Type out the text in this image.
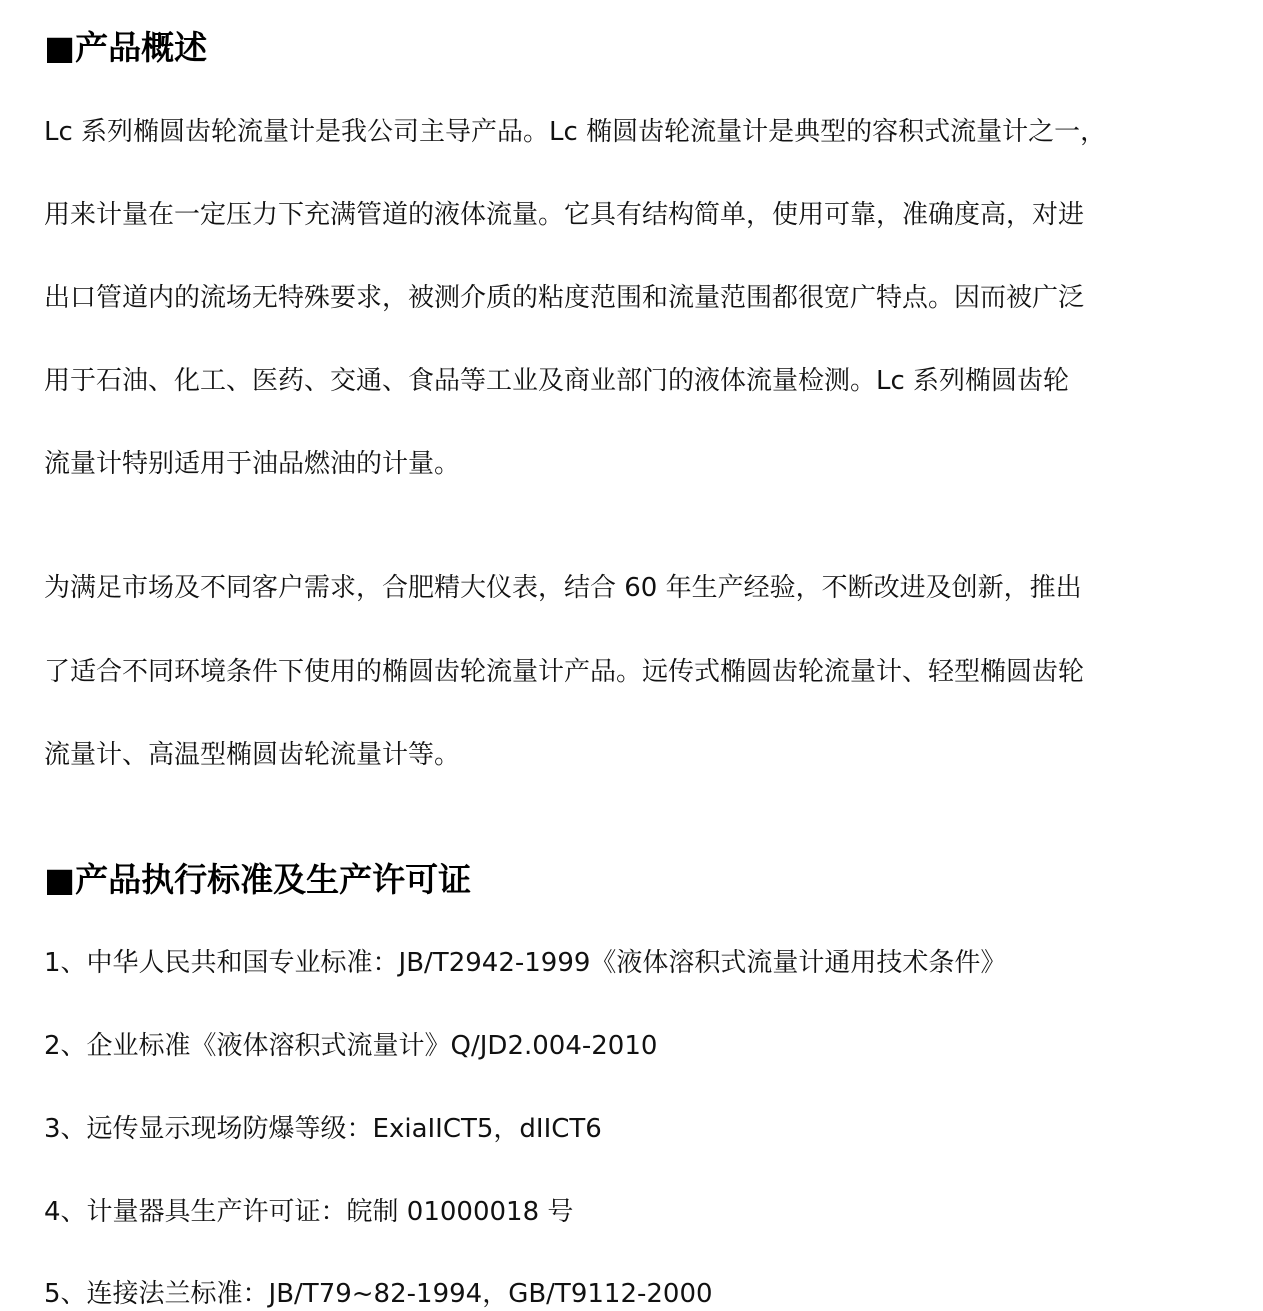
■产品概述
Lc 系列椭圆齿轮流量计是我公司主导产品。Lc 椭圆齿轮流量计是典型的容积式流量计之一，
用来计量在一定压力下充满管道的液体流量。它具有结构简单，使用可靠，准确度高，对进
出口管道内的流场无特殊要求，被测介质的粘度范围和流量范围都很宽广特点。因而被广泛
用于石油、化工、医药、交通、食品等工业及商业部门的液体流量检测。Lc 系列椭圆齿轮
流量计特别适用于油品燃油的计量。
为满足市场及不同客户需求，合肥精大仪表，结合 60 年生产经验，不断改进及创新，推出
了适合不同环境条件下使用的椭圆齿轮流量计产品。远传式椭圆齿轮流量计、轻型椭圆齿轮
流量计、高温型椭圆齿轮流量计等。
■产品执行标准及生产许可证
1、中华人民共和国专业标准：JB/T2942-1999《液体溶积式流量计通用技术条件》
2、企业标准《液体溶积式流量计》Q/JD2.004-2010
3、远传显示现场防爆等级：ExiaIICT5，dIICT6
4、计量器具生产许可证：皖制 01000018 号
5、连接法兰标准：JB/T79~82-1994，GB/T9112-2000
